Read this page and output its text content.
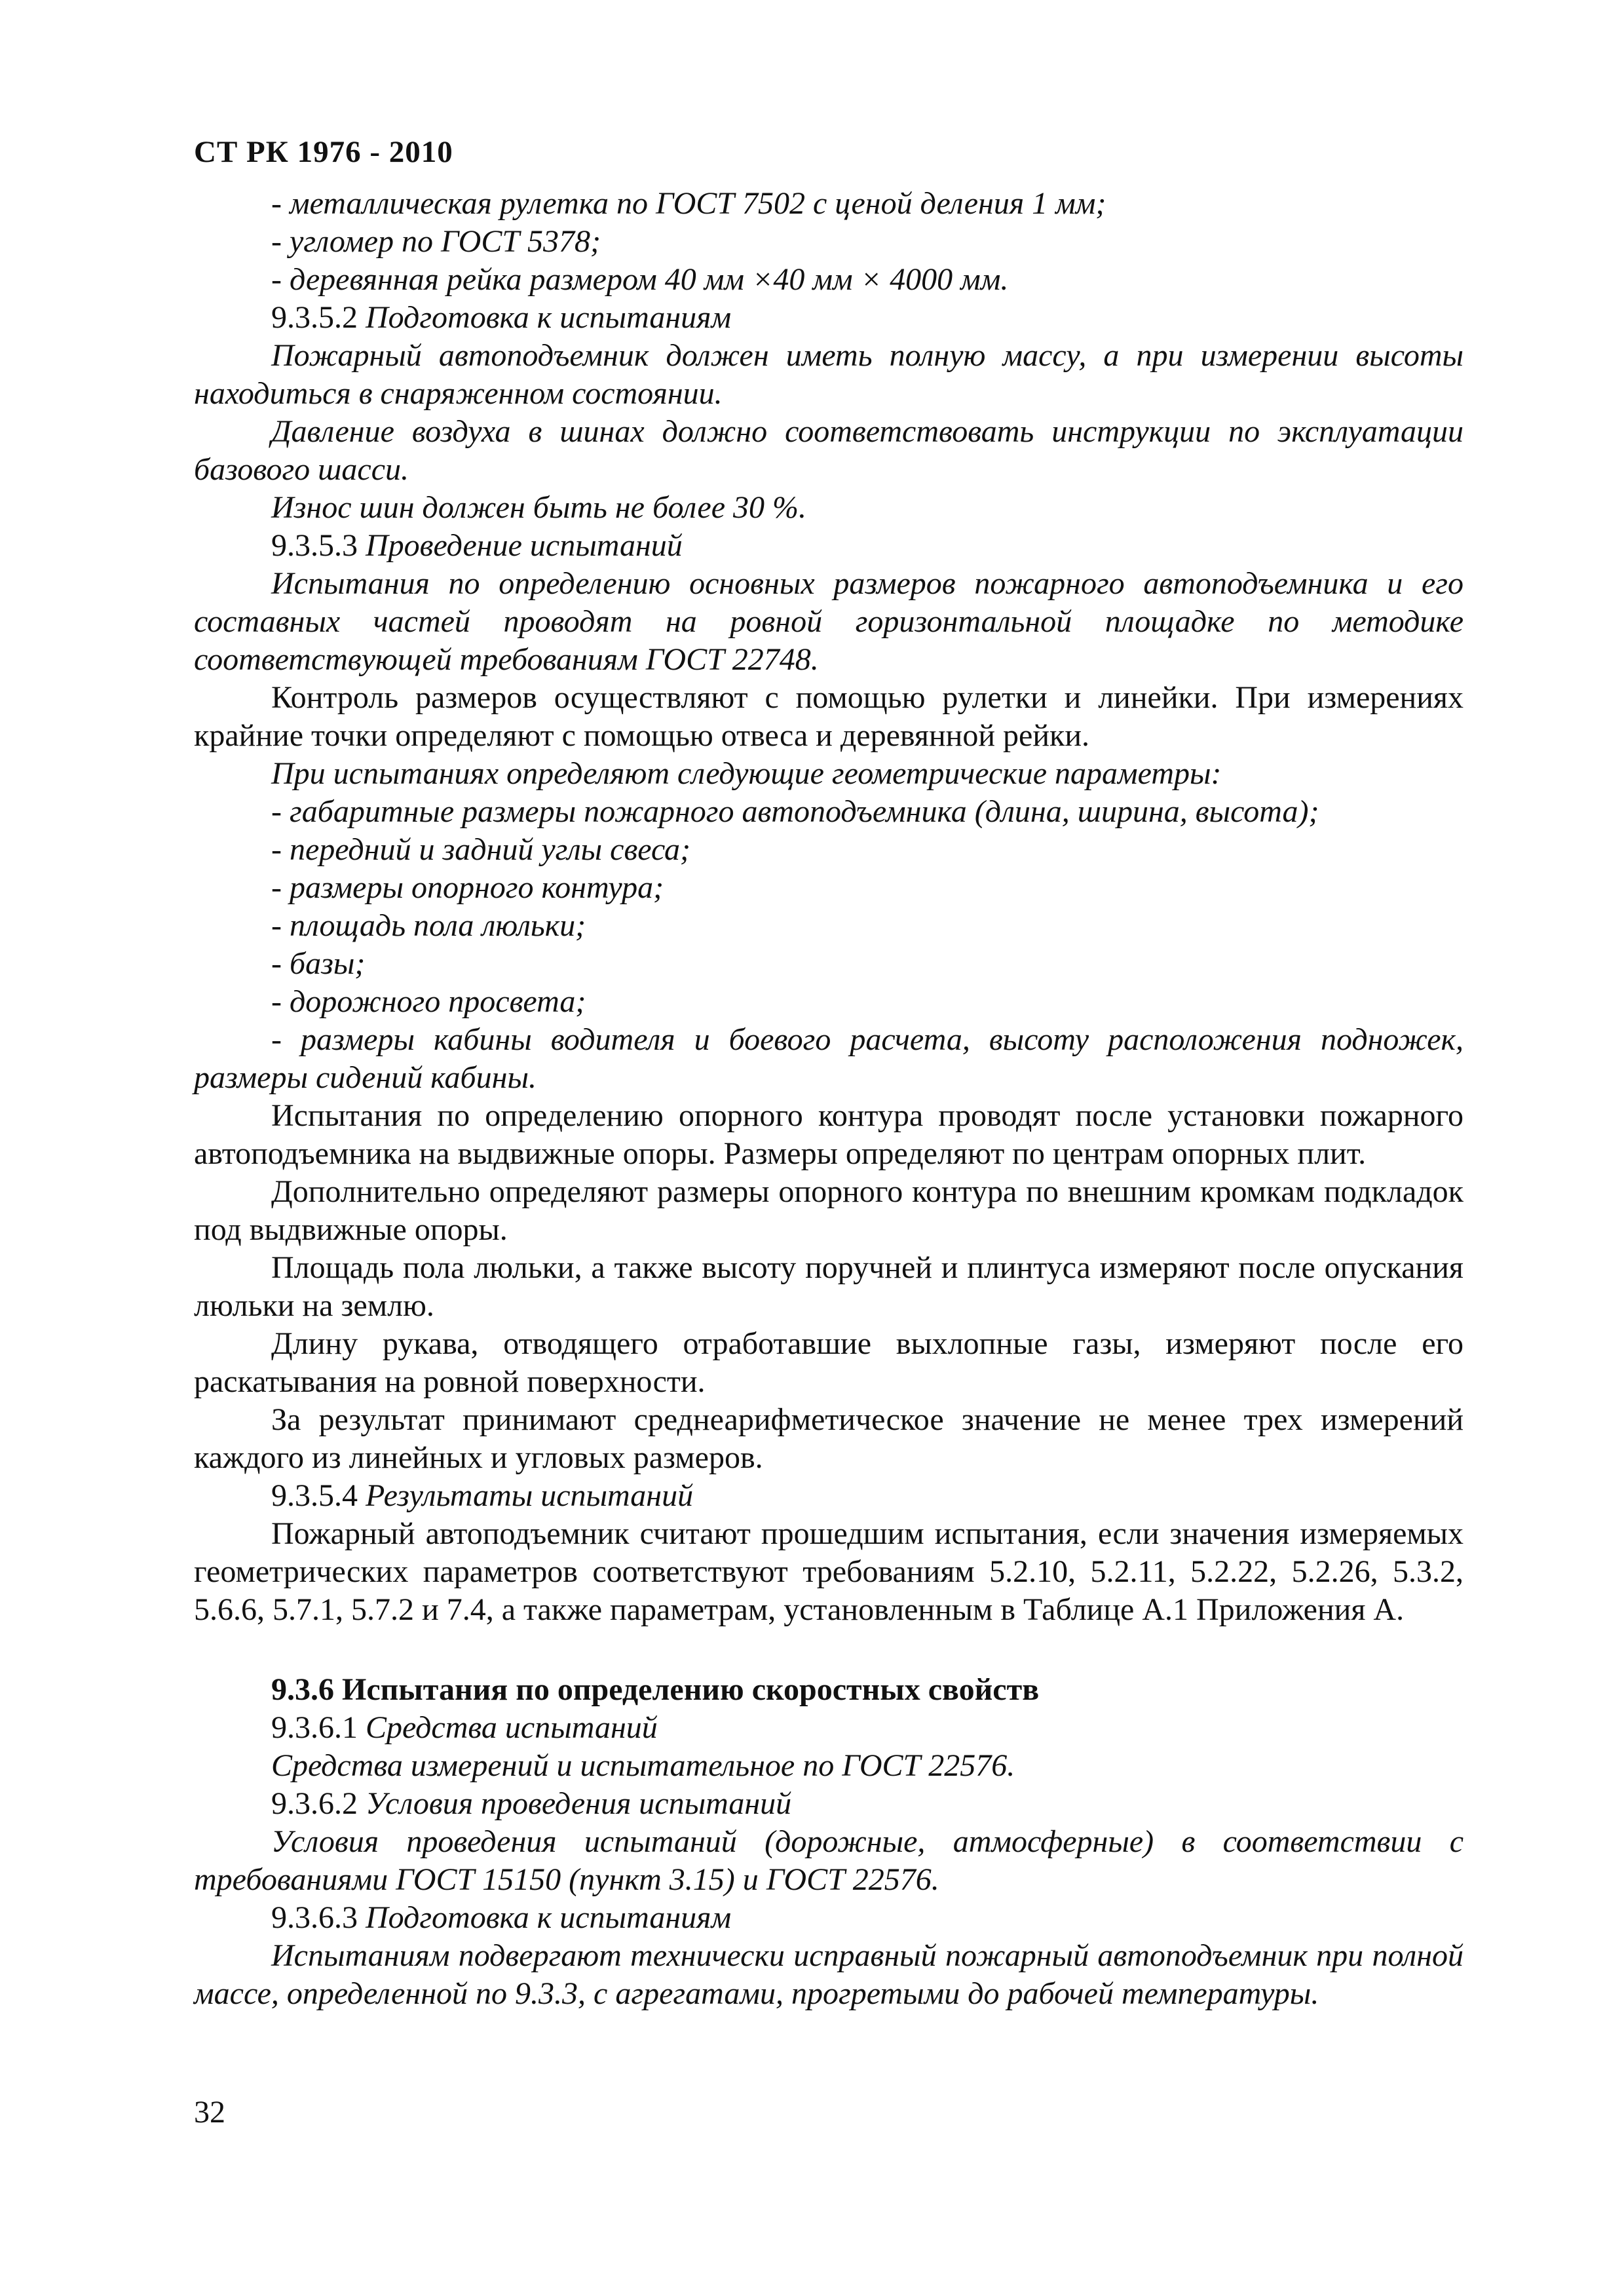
СТ РК 1976 - 2010

- металлическая рулетка по ГОСТ 7502 с ценой деления 1 мм;

- угломер по ГОСТ 5378;

- деревянная рейка размером 40 мм ×40 мм × 4000 мм.

9.3.5.2 Подготовка к испытаниям

Пожарный автоподъемник должен иметь полную массу, а при измерении высоты находиться в снаряженном состоянии.

Давление воздуха в шинах должно соответствовать инструкции по эксплуатации базового шасси.

Износ шин должен быть не более 30 %.

9.3.5.3 Проведение испытаний

Испытания по определению основных размеров пожарного автоподъемника и его составных частей проводят на ровной горизонтальной площадке по методике соответствующей требованиям ГОСТ 22748.

Контроль размеров осуществляют с помощью рулетки и линейки. При измерениях крайние точки определяют с помощью отвеса и деревянной рейки.

При испытаниях определяют следующие геометрические параметры:

- габаритные размеры пожарного автоподъемника (длина, ширина, высота);

- передний и задний углы свеса;

- размеры опорного контура;

- площадь пола люльки;

- базы;

- дорожного просвета;

- размеры кабины водителя и боевого расчета, высоту расположения подножек, размеры сидений кабины.

Испытания по определению опорного контура проводят после установки пожарного автоподъемника на выдвижные опоры. Размеры определяют по центрам опорных плит.

Дополнительно определяют размеры опорного контура по внешним кромкам подкладок под выдвижные опоры.

Площадь пола люльки, а также высоту поручней и плинтуса измеряют после опускания люльки на землю.

Длину рукава, отводящего отработавшие выхлопные газы, измеряют после его раскатывания на ровной поверхности.

За результат принимают среднеарифметическое значение не менее трех измерений каждого из линейных и угловых размеров.

9.3.5.4 Результаты испытаний

Пожарный автоподъемник считают прошедшим испытания, если значения измеряемых геометрических параметров соответствуют требованиям 5.2.10, 5.2.11, 5.2.22, 5.2.26, 5.3.2, 5.6.6, 5.7.1, 5.7.2 и 7.4, а также параметрам, установленным в Таблице А.1 Приложения А.

9.3.6 Испытания по определению скоростных свойств

9.3.6.1 Средства испытаний

Средства измерений и испытательное по ГОСТ 22576.

9.3.6.2 Условия проведения испытаний

Условия проведения испытаний (дорожные, атмосферные) в соответствии с требованиями ГОСТ 15150 (пункт 3.15) и ГОСТ 22576.

9.3.6.3 Подготовка к испытаниям

Испытаниям подвергают технически исправный пожарный автоподъемник при полной массе, определенной по 9.3.3, с агрегатами, прогретыми до рабочей температуры.

32
